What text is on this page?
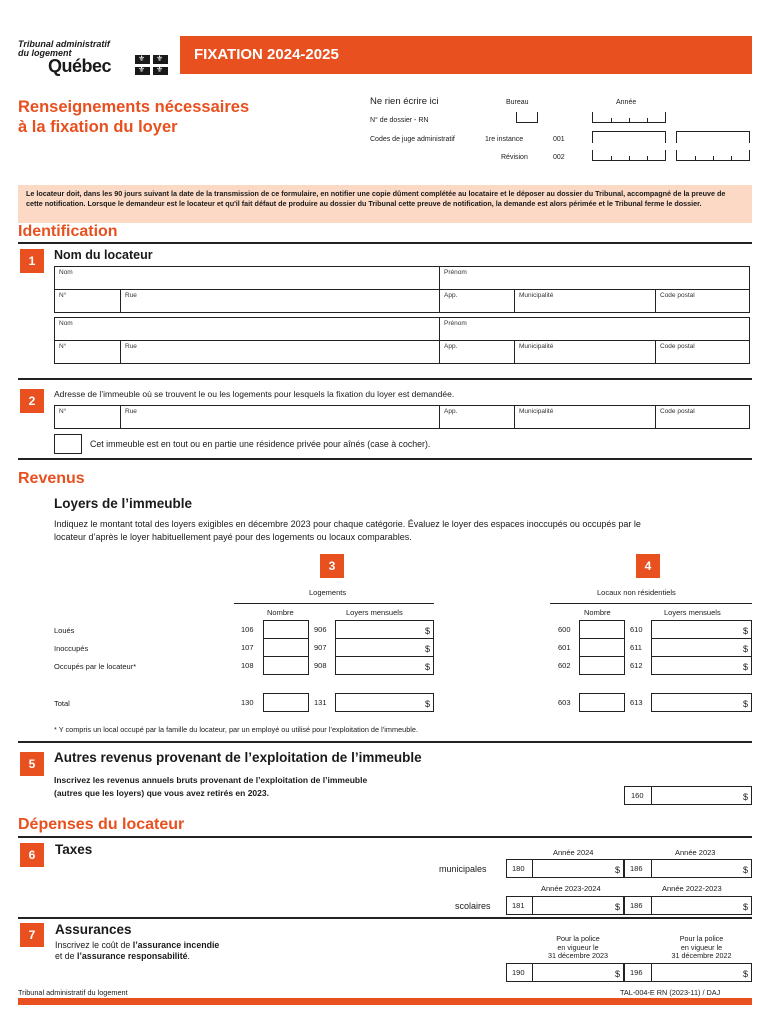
Tribunal administratif
du logement
Québec	⚜ ⚜
⚜ ⚜
FIXATION 2024-2025
Renseignements nécessaires
à la fixation du loyer
Ne rien écrire ici	Bureau	Année
N° de dossier - RN
Codes de juge administratif	1re instance	001
Révision	002
Le locateur doit, dans les 90 jours suivant la date de la transmission de ce formulaire, en notifier une copie dûment complétée au locataire et le déposer au dossier du Tribunal, accompagné de la preuve de cette notification. Lorsque le demandeur est le locateur et qu'il fait défaut de produire au dossier du Tribunal cette preuve de notification, la demande est alors périmée et le Tribunal ferme le dossier.
Identification
1	Nom du locateur
Nom	Prénom
N°	Rue	App.	Municipalité	Code postal
Nom	Prénom
N°	Rue	App.	Municipalité	Code postal
2	Adresse de l’immeuble où se trouvent le ou les logements pour lesquels la fixation du loyer est demandée.
N°	Rue	App.	Municipalité	Code postal
Cet immeuble est en tout ou en partie une résidence privée pour aînés (case à cocher).
Revenus
Loyers de l’immeuble
Indiquez le montant total des loyers exigibles en décembre 2023 pour chaque catégorie. Évaluez le loyer des espaces inoccupés ou occupés par le locateur d’après le loyer habituellement payé pour des logements ou locaux comparables.
3	4
Logements	Locaux non résidentiels
Nombre	Loyers mensuels	Nombre	Loyers mensuels
Loués	106	906	$	600	610	$
Inoccupés	107	907	$	601	611	$
Occupés par le locateur*	108	908	$	602	612	$
Total	130	131	$	603	613	$
* Y compris un local occupé par la famille du locateur, par un employé ou utilisé pour l’exploitation de l’immeuble.
5	Autres revenus provenant de l’exploitation de l’immeuble
Inscrivez les revenus annuels bruts provenant de l’exploitation de l’immeuble
(autres que les loyers) que vous avez retirés en 2023.	160	$
Dépenses du locateur
6	Taxes	Année 2024	Année 2023
municipales	180	$ 186	$
Année 2023-2024	Année 2022-2023
scolaires	181	$ 186	$
7	Assurances
Inscrivez le coût de l’assurance incendie
et de l’assurance responsabilité.
Pour la police
en vigueur le
31 décembre 2023
Pour la police
en vigueur le
31 décembre 2022
190	$ 196	$
Tribunal administratif du logement	TAL-004-E RN (2023-11) / DAJ
